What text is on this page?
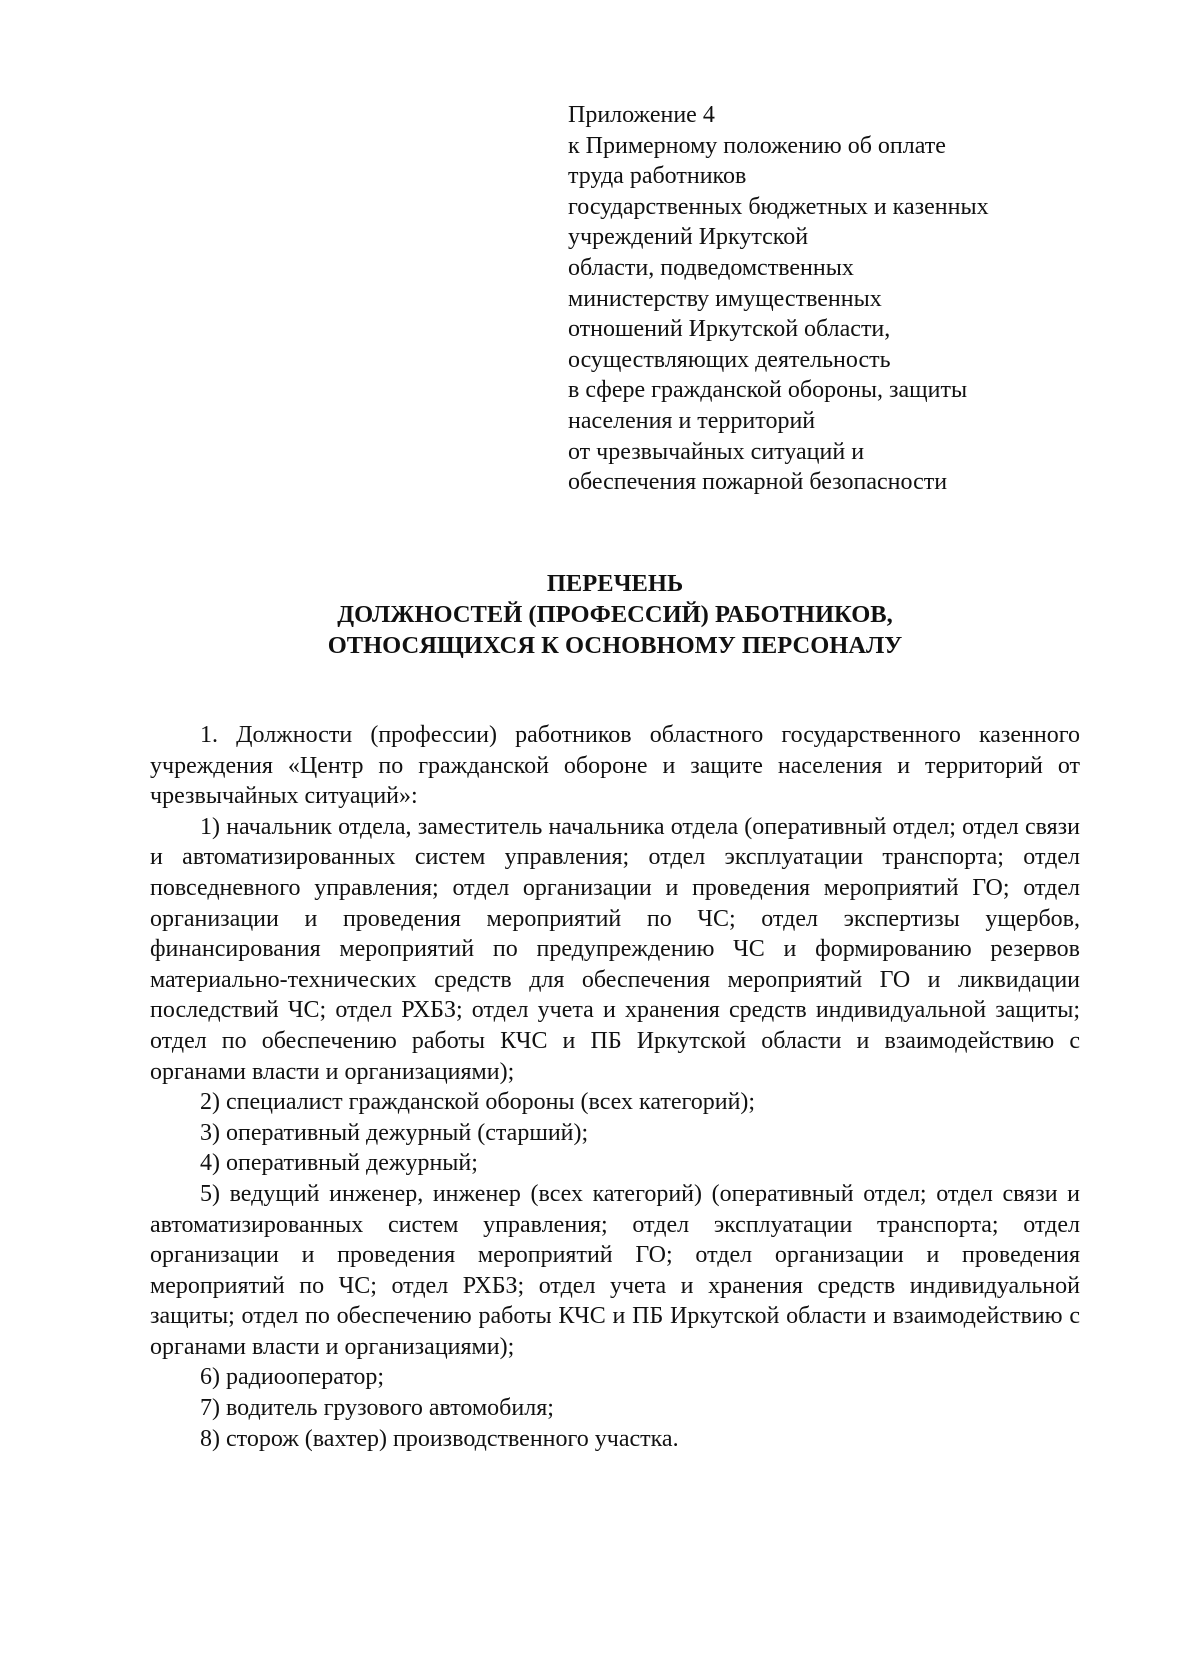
Приложение 4
к Примерному положению об оплате
труда работников
государственных бюджетных и казенных
учреждений Иркутской
области, подведомственных
министерству имущественных
отношений Иркутской области,
осуществляющих деятельность
в сфере гражданской обороны, защиты
населения и территорий
от чрезвычайных ситуаций и
обеспечения пожарной безопасности
ПЕРЕЧЕНЬ
ДОЛЖНОСТЕЙ (ПРОФЕССИЙ) РАБОТНИКОВ,
ОТНОСЯЩИХСЯ К ОСНОВНОМУ ПЕРСОНАЛУ

1. Должности (профессии) работников областного государственного казенного учреждения «Центр по гражданской обороне и защите населения и территорий от чрезвычайных ситуаций»:

1) начальник отдела, заместитель начальника отдела (оперативный отдел; отдел связи и автоматизированных систем управления; отдел эксплуатации транспорта; отдел повседневного управления; отдел организации и проведения мероприятий ГО; отдел организации и проведения мероприятий по ЧС; отдел экспертизы ущербов, финансирования мероприятий по предупреждению ЧС и формированию резервов материально-технических средств для обеспечения мероприятий ГО и ликвидации последствий ЧС; отдел РХБЗ; отдел учета и хранения средств индивидуальной защиты; отдел по обеспечению работы КЧС и ПБ Иркутской области и взаимодействию с органами власти и организациями);

2) специалист гражданской обороны (всех категорий);

3) оперативный дежурный (старший);

4) оперативный дежурный;

5) ведущий инженер, инженер (всех категорий) (оперативный отдел; отдел связи и автоматизированных систем управления; отдел эксплуатации транспорта; отдел организации и проведения мероприятий ГО; отдел организации и проведения мероприятий по ЧС; отдел РХБЗ; отдел учета и хранения средств индивидуальной защиты; отдел по обеспечению работы КЧС и ПБ Иркутской области и взаимодействию с органами власти и организациями);

6) радиооператор;

7) водитель грузового автомобиля;

8) сторож (вахтер) производственного участка.
